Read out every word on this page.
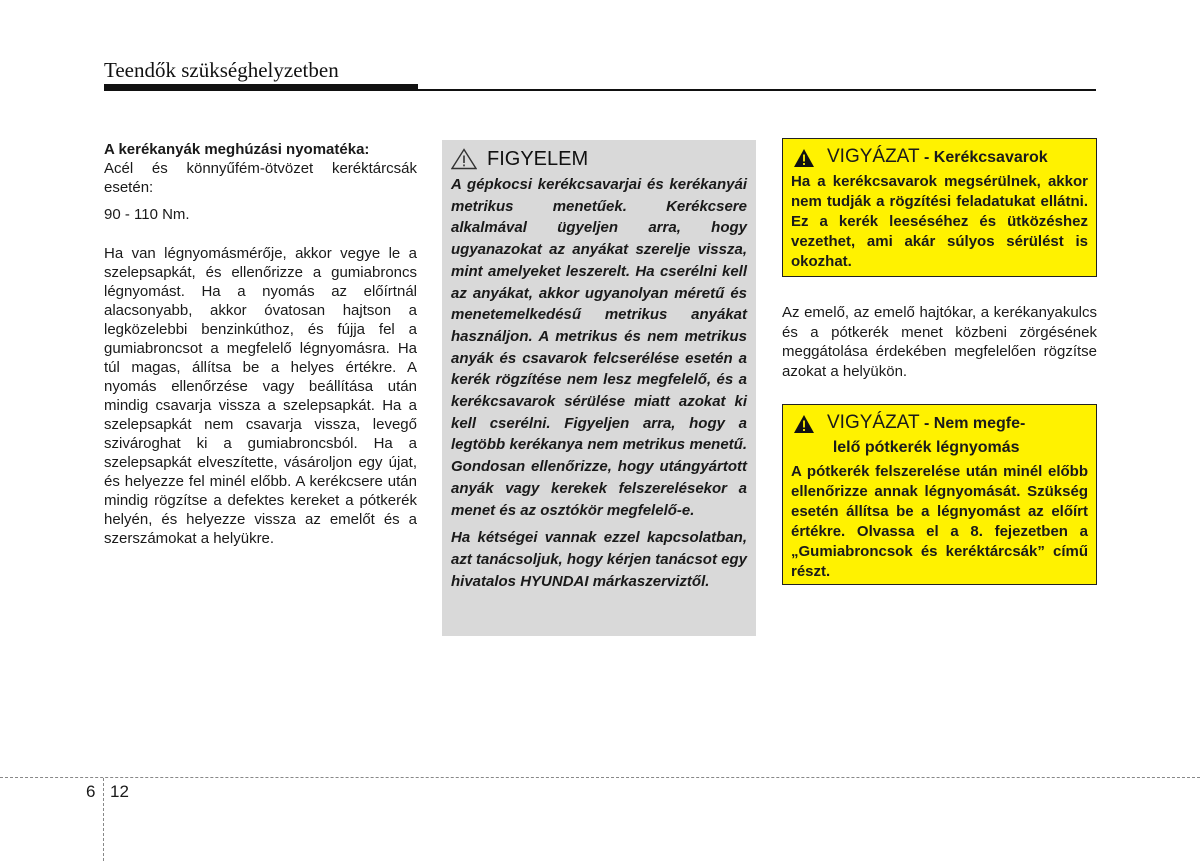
Teendők szükséghelyzetben

A kerékanyák meghúzási nyomatéka:

Acél és könnyűfém-ötvözet keréktárcsák esetén:

90 - 110 Nm.

Ha van légnyomásmérője, akkor vegye le a szelepsapkát, és ellenőrizze a gumiabroncs légnyomást. Ha a nyomás az előírtnál alacsonyabb, akkor óvatosan hajtson a legközelebbi benzinkúthoz, és fújja fel a gumiabroncsot a megfelelő légnyomásra. Ha túl magas, állítsa be a helyes értékre. A nyomás ellenőrzése vagy beállítása után mindig csavarja vissza a szelepsapkát. Ha a szelepsapkát nem csavarja vissza, levegő szivároghat ki a gumiabroncsból. Ha a szelepsapkát elveszítette, vásároljon egy újat, és helyezze fel minél előbb. A kerékcsere után mindig rögzítse a defektes kereket a pótkerék helyén, és helyezze vissza az emelőt és a szerszámokat a helyükre.

FIGYELEM

A gépkocsi kerékcsavarjai és kerékanyái metrikus menetűek. Kerékcsere alkalmával ügyeljen arra, hogy ugyanazokat az anyákat szerelje vissza, mint amelyeket leszerelt. Ha cserélni kell az anyákat, akkor ugyanolyan méretű és menetemelkedésű metrikus anyákat használjon. A metrikus és nem metrikus anyák és csavarok felcserélése esetén a kerék rögzítése nem lesz megfelelő, és a kerékcsavarok sérülése miatt azokat ki kell cserélni. Figyeljen arra, hogy a legtöbb kerékanya nem metrikus menetű. Gondosan ellenőrizze, hogy utángyártott anyák vagy kerekek felszerelésekor a menet és az osztókör megfelelő-e.

Ha kétségei vannak ezzel kapcsolatban, azt tanácsoljuk, hogy kérjen tanácsot egy hivatalos HYUNDAI márkaszerviztől.

VIGYÁZAT - Kerékcsavarok
Ha a kerékcsavarok megsérülnek, akkor nem tudják a rögzítési feladatukat ellátni. Ez a kerék leeséséhez és ütközéshez vezethet, ami akár súlyos sérülést is okozhat.
Az emelő, az emelő hajtókar, a kerékanyakulcs és a pótkerék menet közbeni zörgésének meggátolása érdekében megfelelően rögzítse azokat a helyükön.
VIGYÁZAT - Nem megfe-
lelő pótkerék légnyomás
A pótkerék felszerelése után minél előbb ellenőrizze annak légnyomását. Szükség esetén állítsa be a légnyomást az előírt értékre. Olvassa el a 8. fejezetben a „Gumiabroncsok és keréktárcsák” című részt.
6 12
